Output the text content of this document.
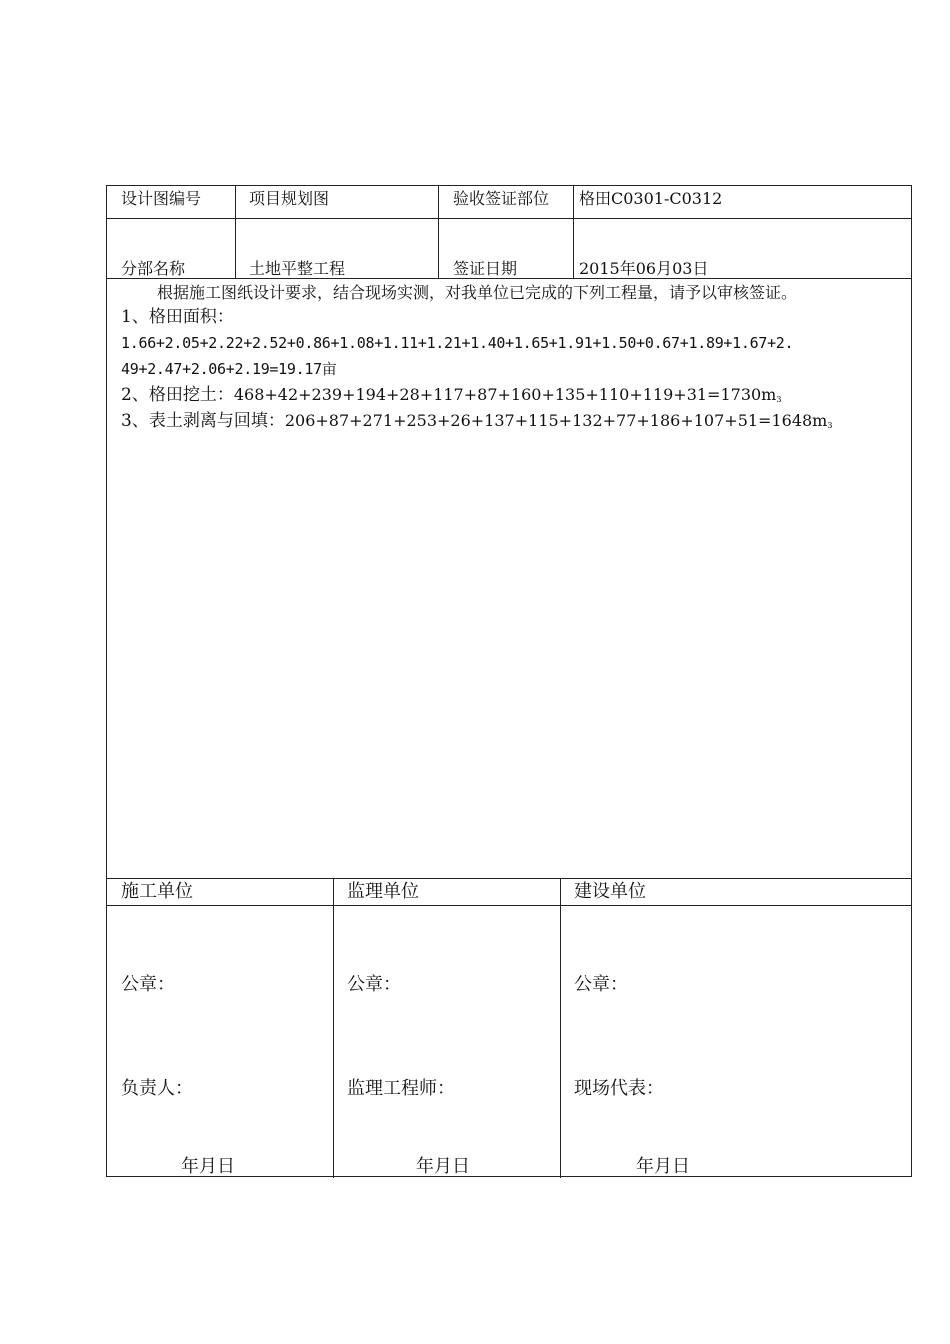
设计图编号	项目规划图	验收签证部位 格田C0301-C0312
分部名称	土地平整工程	签证日期	2015年06月03日
根据施工图纸设计要求，结合现场实测，对我单位已完成的下列工程量，请予以审核签证。
1、格田面积：
1.66+2.05+2.22+2.52+0.86+1.08+1.11+1.21+1.40+1.65+1.91+1.50+0.67+1.89+1.67+2.
49+2.47+2.06+2.19=19.17亩
2、格田挖土：$468+42+239+194+28+117+87+160+135+110+119+31=1730m_3$
3、表土剥离与回填：$206+87+271+253+26+137+115+132+77+186+107+51=1648m_3$
施工单位	监理单位	建设单位
公章：	公章：	公章：
负责人：	监理工程师：	现场代表：
年月日	年月日	年月日
